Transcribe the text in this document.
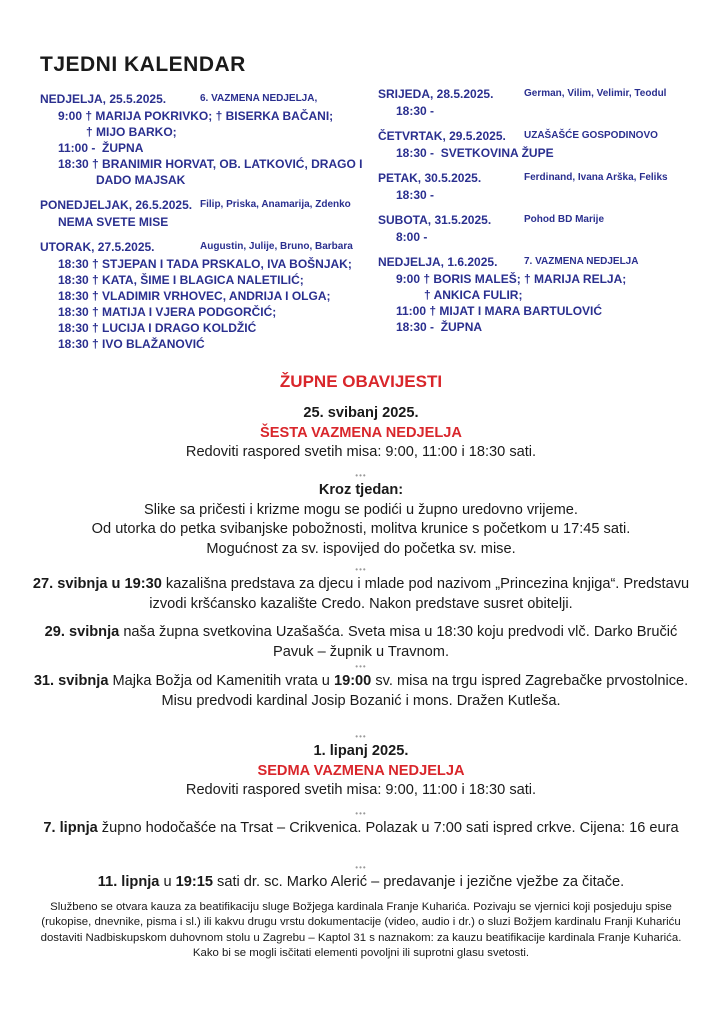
TJEDNI KALENDAR
NEDJELJA, 25.5.2025.	6. VAZMENA NEDJELJA,
9:00 † MARIJA POKRIVKO; † BISERKA BAČANI;
† MIJO BARKO;
11:00 -  ŽUPNA
18:30 † BRANIMIR HORVAT, OB. LATKOVIĆ, DRAGO I
DADO MAJSAK
PONEDJELJAK, 26.5.2025. Filip, Priska, Anamarija, Zdenko
NEMA SVETE MISE
UTORAK, 27.5.2025.	Augustin, Julije, Bruno, Barbara
18:30 † STJEPAN I TADA PRSKALO, IVA BOŠNJAK;
18:30 † KATA, ŠIME I BLAGICA NALETILIĆ;
18:30 † VLADIMIR VRHOVEC, ANDRIJA I OLGA;
18:30 † MATIJA I VJERA PODGORČIĆ;
18:30 † LUCIJA I DRAGO KOLDŽIĆ
18:30 † IVO BLAŽANOVIĆ
SRIJEDA, 28.5.2025.	German, Vilim, Velimir, Teodul
18:30 -
ČETVRTAK, 29.5.2025. UZAŠAŠĆE GOSPODINOVO
18:30 -  SVETKOVINA ŽUPE
PETAK, 30.5.2025.	Ferdinand, Ivana Arška, Feliks
18:30 -
SUBOTA, 31.5.2025.	Pohod BD Marije
8:00 -
NEDJELJA, 1.6.2025.	7. VAZMENA NEDJELJA
9:00 † BORIS MALEŠ; † MARIJA RELJA;
† ANKICA FULIR;
11:00 † MIJAT I MARA BARTULOVIĆ
18:30 -  ŽUPNA
ŽUPNE OBAVIJESTI
25. svibanj 2025.
ŠESTA VAZMENA NEDJELJA
Redoviti raspored svetih misa: 9:00, 11:00 i 18:30 sati.
•••
Kroz tjedan:
Slike sa pričesti i krizme mogu se podići u župno uredovno vrijeme.
Od utorka do petka svibanjske pobožnosti, molitva krunice s početkom u 17:45 sati.
Mogućnost za sv. ispovijed do početka sv. mise.
•••
27. svibnja u 19:30 kazališna predstava za djecu i mlade pod nazivom „Princezina knjiga“. Predstavu izvodi kršćansko kazalište Credo. Nakon predstave susret obitelji.
29. svibnja naša župna svetkovina Uzašašća. Sveta misa u 18:30 koju predvodi vlč. Darko Bručić Pavuk – župnik u Travnom.
•••
31. svibnja Majka Božja od Kamenitih vrata u 19:00 sv. misa na trgu ispred Zagrebačke prvostolnice. Misu predvodi kardinal Josip Bozanić i mons. Dražen Kutleša.
•••
1. lipanj 2025.
SEDMA VAZMENA NEDJELJA
Redoviti raspored svetih misa: 9:00, 11:00 i 18:30 sati.
•••
7. lipnja župno hodočašće na Trsat – Crikvenica. Polazak u 7:00 sati ispred crkve. Cijena: 16 eura
•••
11. lipnja u 19:15 sati dr. sc. Marko Alerić – predavanje i jezične vježbe za čitače.
Službeno se otvara kauza za beatifikaciju sluge Božjega kardinala Franje Kuharića. Pozivaju se vjernici koji posjeduju spise (rukopise, dnevnike, pisma i sl.) ili kakvu drugu vrstu dokumentacije (video, audio i dr.) o sluzi Božjem kardinalu Franji Kuhariću dostaviti Nadbiskupskom duhovnom stolu u Zagrebu – Kaptol 31 s naznakom: za kauzu beatifikacije kardinala Franje Kuharića. Kako bi se mogli isčitati elementi povoljni ili suprotni glasu svetosti.
